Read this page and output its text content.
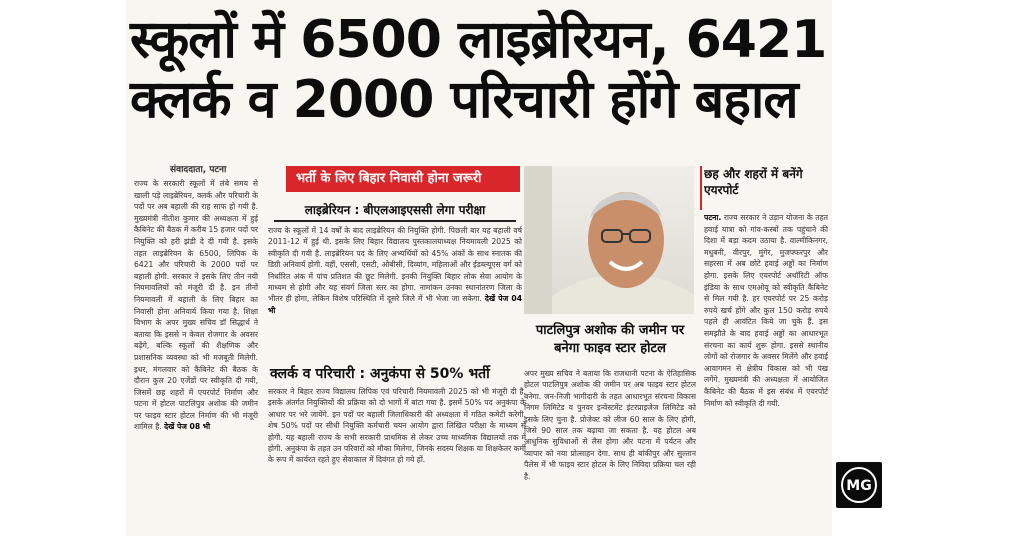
स्कूलों में 6500 लाइब्रेरियन, 6421 क्लर्क व 2000 परिचारी होंगे बहाल
संवाददाता, पटना
राज्य के सरकारी स्कूलों में लंबे समय से खाली पड़े लाइब्रेरियन, क्लर्क और परिचारी के पदों पर अब बहाली की राह साफ हो गयी है. मुख्यमंत्री नीतीश कुमार की अध्यक्षता में हुई कैबिनेट की बैठक में करीब 15 हजार पदों पर नियुक्ति को हरी झंडी दे दी गयी है. इसके तहत लाइब्रेरियन के 6500, लिपिक के 6421 और परिचारी के 2000 पदों पर बहाली होगी. सरकार ने इसके लिए तीन नयी नियमावलियों को मंजूरी दी है. इन तीनों नियमावली में बहाली के लिए बिहार का निवासी होना अनिवार्य किया गया है. शिक्षा विभाग के अपर मुख्य सचिव डॉ सिद्धार्थ ने बताया कि इससे न केवल रोजगार के अवसर बढ़ेंगे, बल्कि स्कूलों की शैक्षणिक और प्रशासनिक व्यवस्था को भी मजबूती मिलेगी. इधर, मंगलवार को कैबिनेट की बैठक के दौरान कुल 20 एजेंडों पर स्वीकृति दी गयी, जिसमें छह शहरों में एयरपोर्ट निर्माण और पटना में होटल पाटलिपुत्र अशोक की जमीन पर फाइव स्टार होटल निर्माण की भी मंजूरी शामिल है. देखें पेज 08 भी
भर्ती के लिए बिहार निवासी होना जरूरी
लाइब्रेरियन : बीएलआइएससी लेगा परीक्षा
राज्य के स्कूलों में 14 वर्षों के बाद लाइब्रेरियन की नियुक्ति होगी. पिछली बार यह बहाली वर्ष 2011-12 में हुई थी. इसके लिए बिहार विद्यालय पुस्तकालयाध्यक्ष नियमावली 2025 को स्वीकृति दी गयी है. लाइब्रेरियन पद के लिए अभ्यर्थियों को 45% अंकों के साथ स्नातक की डिग्री अनिवार्य होगी. वहीं, एससी, एसटी, ओबीसी, दिव्यांग, महिलाओं और ईडब्ल्यूएस वर्ग को निर्धारित अंक में पांच प्रतिशत की छूट मिलेगी. इनकी नियुक्ति बिहार लोक सेवा आयोग के माध्यम से होगी और यह संवर्ग जिला स्तर का होगा. नामांकन उनका स्थानांतरण जिला के भीतर ही होगा, लेकिन विशेष परिस्थिति में दूसरे जिले में भी भेजा जा सकेगा. देखें पेज 04 भी
क्लर्क व परिचारी : अनुकंपा से 50% भर्ती
सरकार ने बिहार राज्य विद्यालय लिपिक एवं परिचारी नियमावली 2025 को भी मंजूरी दी है. इसके अंतर्गत नियुक्तियों की प्रक्रिया को दो भागों में बांटा गया है. इसमें 50% पद अनुकंपा के आधार पर भरे जायेंगे. इन पदों पर बहाली जिलाधिकारी की अध्यक्षता में गठित कमेटी करेगी. शेष 50% पदों पर सीधी नियुक्ति कर्मचारी चयन आयोग द्वारा लिखित परीक्षा के माध्यम से होगी. यह बहाली राज्य के सभी सरकारी प्राथमिक से लेकर उच्च माध्यमिक विद्यालयों तक में होगी. अनुकंपा के तहत उन परिवारों को मौका मिलेगा, जिनके सदस्य शिक्षक या शिक्षकेतर कर्मी के रूप में कार्यरत रहते हुए सेवाकाल में दिवंगत हो गये हों.
पाटलिपुत्र अशोक की जमीन पर बनेगा फाइव स्टार होटल
अपर मुख्य सचिव ने बताया कि राजधानी पटना के ऐतिहासिक होटल पाटलिपुत्र अशोक की जमीन पर अब फाइव स्टार होटल बनेगा. जन-निजी भागीदारी के तहत आधारभूत संरचना विकास निगम लिमिटेड व पुनवर इन्वेस्टमेंट इंटरप्राइजेज लिमिटेड को इसके लिए चुना है. प्रोजेक्ट को लीज 60 साल के लिए होगी, जिसे 90 साल तक बढ़ाया जा सकता है. यह होटल अब आधुनिक सुविधाओं से लैस होगा और पटना में पर्यटन और व्यापार को नया प्रोत्साहन देगा. साथ ही बांकीपुर और सुल्तान पैलेस में भी फाइव स्टार होटल के लिए निविदा प्रक्रिया चल रही है.
छह और शहरों में बनेंगे एयरपोर्ट
पटना. राज्य सरकार ने उड़ान योजना के तहत हवाई यात्रा को गांव-कस्बों तक पहुंचाने की दिशा में बड़ा कदम उठाया है. वाल्मीकिनगर, मधुबनी, वीरपुर, मुंगेर, मुजफ्फरपुर और सहरसा में अब छोटे हवाई अड्डों का निर्माण होगा. इसके लिए एयरपोर्ट अथॉरिटी ऑफ इंडिया के साथ एमओयू को स्वीकृति कैबिनेट से मिल गयी है. हर एयरपोर्ट पर 25 करोड़ रुपये खर्च होंगे और कुल 150 करोड़ रुपये पहले ही आवंटित किये जा चुके हैं. इस समझौते के बाद हवाई अड्डों का आधारभूत संरचना का कार्य शुरू होगा. इससे स्थानीय लोगों को रोजगार के अवसर मिलेंगे और हवाई आवागमन से क्षेत्रीय विकास को भी पंख लगेंगे. मुख्यमंत्री की अध्यक्षता में आयोजित कैबिनेट की बैठक में इस संबंध में एयरपोर्ट निर्माण को स्वीकृति दी गयी.
MG
